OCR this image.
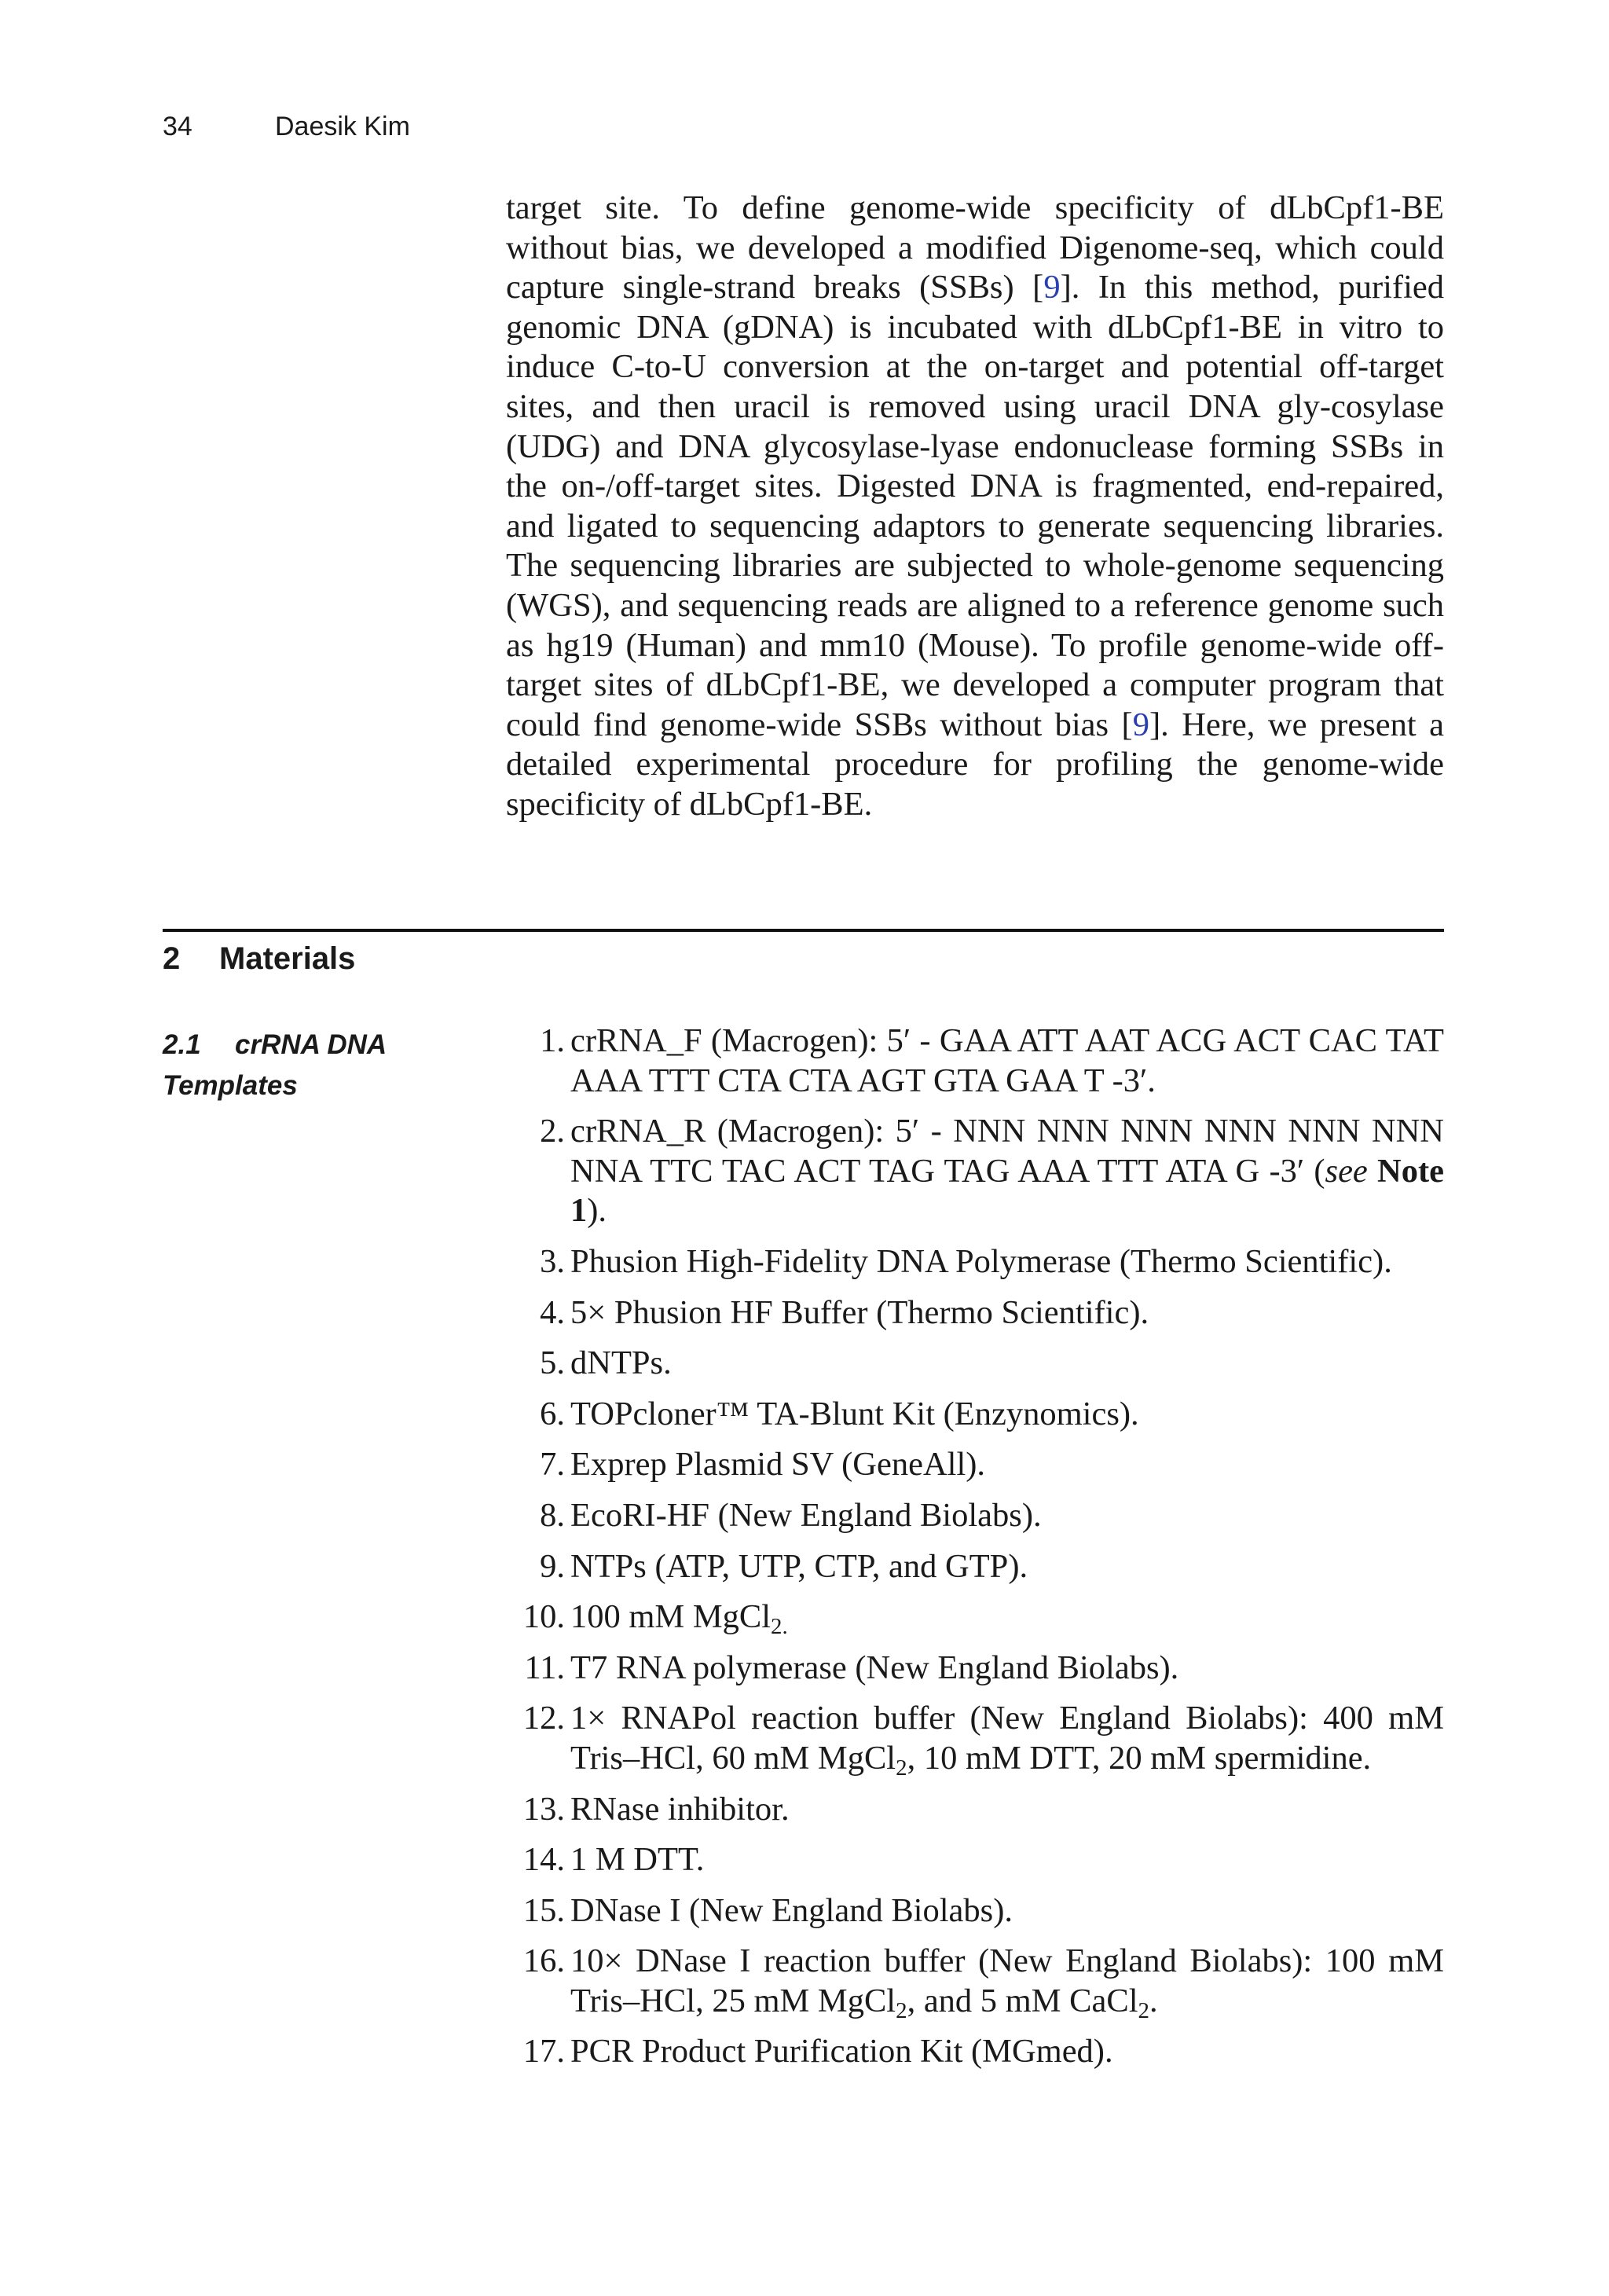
34	Daesik Kim

target site. To define genome-wide specificity of dLbCpf1-BE without bias, we developed a modified Digenome-seq, which could capture single-strand breaks (SSBs) [9]. In this method, purified genomic DNA (gDNA) is incubated with dLbCpf1-BE in vitro to induce C-to-U conversion at the on-target and potential off-target sites, and then uracil is removed using uracil DNA gly-cosylase (UDG) and DNA glycosylase-lyase endonuclease forming SSBs in the on-/off-target sites. Digested DNA is fragmented, end-repaired, and ligated to sequencing adaptors to generate sequencing libraries. The sequencing libraries are subjected to whole-genome sequencing (WGS), and sequencing reads are aligned to a reference genome such as hg19 (Human) and mm10 (Mouse). To profile genome-wide off-target sites of dLbCpf1-BE, we developed a computer program that could find genome-wide SSBs without bias [9]. Here, we present a detailed experimental procedure for profiling the genome-wide specificity of dLbCpf1-BE.

2 Materials
2.1 crRNA DNA Templates
1. crRNA_F (Macrogen): 5′ - GAA ATT AAT ACG ACT CAC TAT AAA TTT CTA CTA AGT GTA GAA T -3′.
2. crRNA_R (Macrogen): 5′ - NNN NNN NNN NNN NNN NNN NNA TTC TAC ACT TAG TAG AAA TTT ATA G -3′ (see Note 1).
3. Phusion High-Fidelity DNA Polymerase (Thermo Scientific).
4. 5× Phusion HF Buffer (Thermo Scientific).
5. dNTPs.
6. TOPcloner™ TA-Blunt Kit (Enzynomics).
7. Exprep Plasmid SV (GeneAll).
8. EcoRI-HF (New England Biolabs).
9. NTPs (ATP, UTP, CTP, and GTP).
10. 100 mM MgCl$_{2.}$
11. T7 RNA polymerase (New England Biolabs).
12. 1× RNAPol reaction buffer (New England Biolabs): 400 mM Tris–HCl, 60 mM MgCl$_2$, 10 mM DTT, 20 mM spermidine.
13. RNase inhibitor.
14. 1 M DTT.
15. DNase I (New England Biolabs).
16. 10× DNase I reaction buffer (New England Biolabs): 100 mM Tris–HCl, 25 mM MgCl$_2$, and 5 mM CaCl$_2$.
17. PCR Product Purification Kit (MGmed).
